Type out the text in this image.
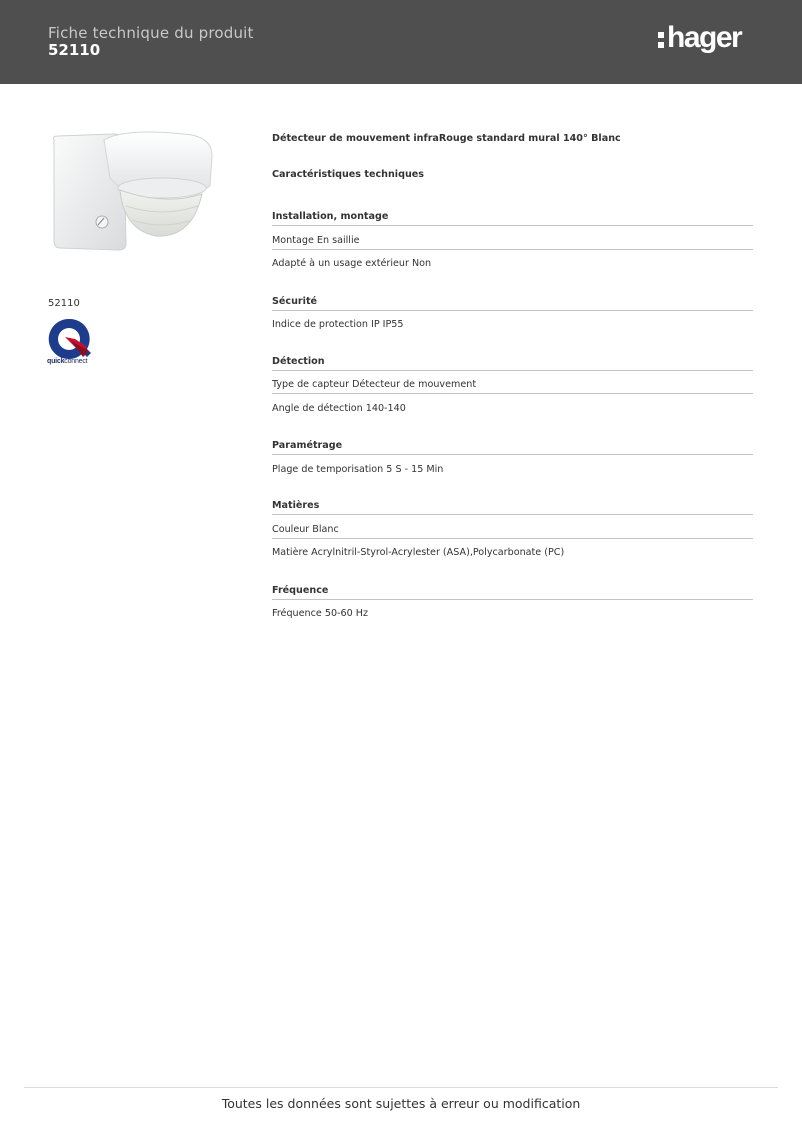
Fiche technique du produit
52110	hager
52110
quickconnect
Détecteur de mouvement infraRouge standard mural 140° Blanc
Caractéristiques techniques
Installation, montage
Montage En saillie
Adapté à un usage extérieur Non
Sécurité
Indice de protection IP IP55
Détection
Type de capteur Détecteur de mouvement
Angle de détection 140-140
Paramétrage
Plage de temporisation 5 S - 15 Min
Matières
Couleur Blanc
Matière Acrylnitril-Styrol-Acrylester (ASA),Polycarbonate (PC)
Fréquence
Fréquence 50-60 Hz
Toutes les données sont sujettes à erreur ou modification
